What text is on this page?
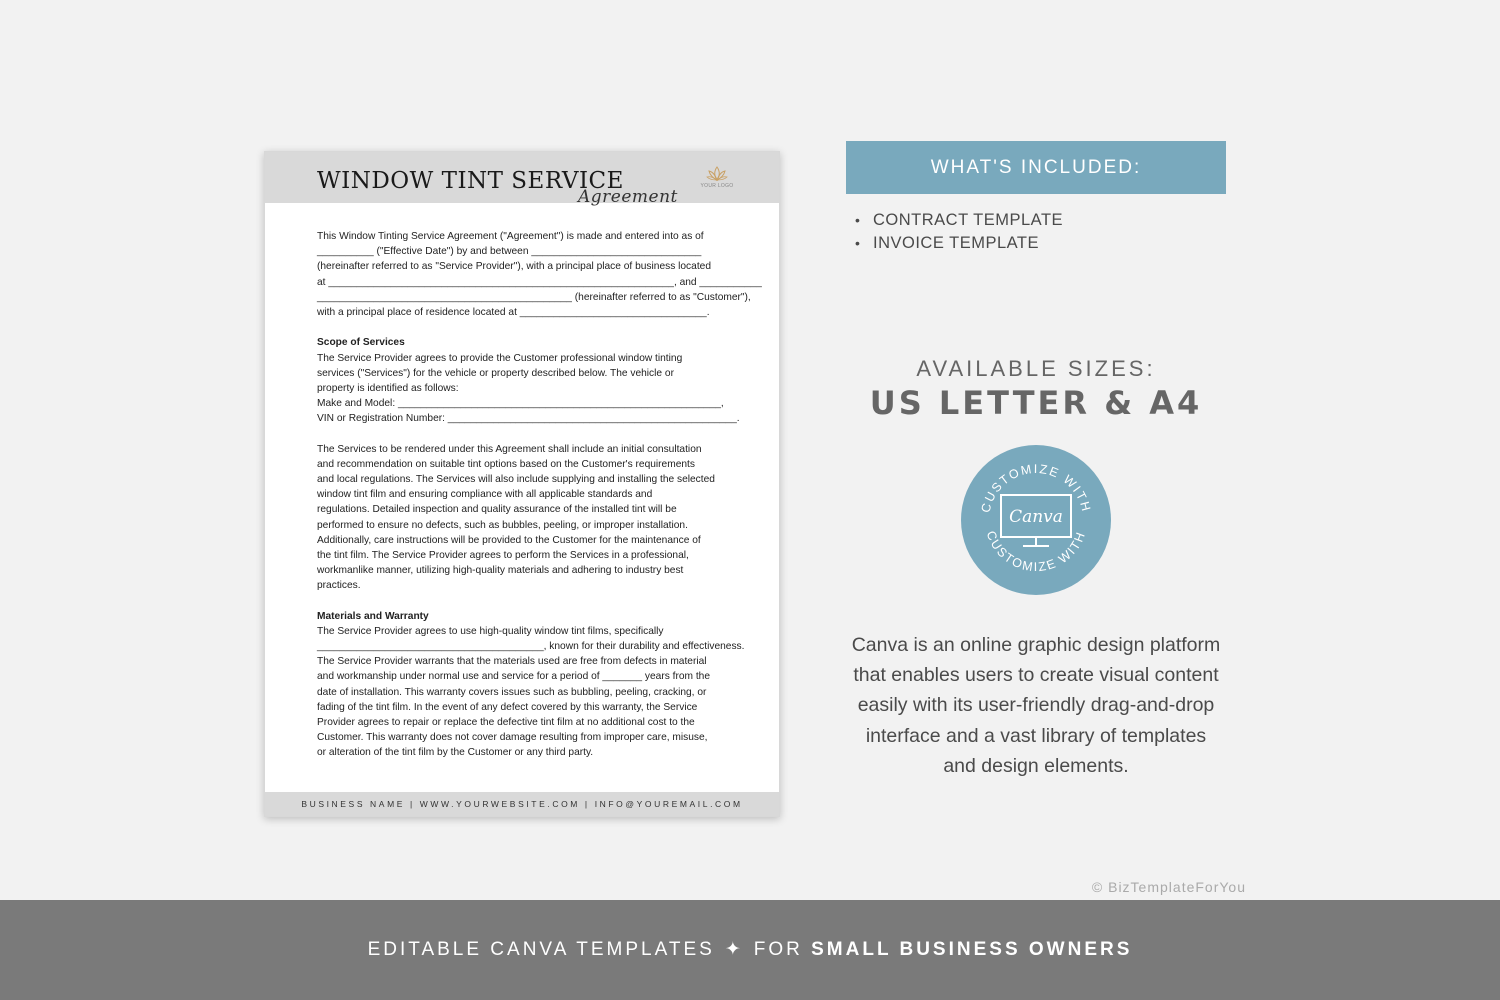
WINDOW TINT SERVICE
Agreement
YOUR LOGO
This Window Tinting Service Agreement ("Agreement") is made and entered into as of
__________ ("Effective Date") by and between ______________________________
(hereinafter referred to as "Service Provider"), with a principal place of business located
at _____________________________________________________________, and ___________
_____________________________________________ (hereinafter referred to as "Customer"),
with a principal place of residence located at _________________________________.
Scope of Services
The Service Provider agrees to provide the Customer professional window tinting
services ("Services") for the vehicle or property described below. The vehicle or
property is identified as follows:
Make and Model: _________________________________________________________,
VIN or Registration Number: ___________________________________________________.
The Services to be rendered under this Agreement shall include an initial consultation
and recommendation on suitable tint options based on the Customer's requirements
and local regulations. The Services will also include supplying and installing the selected
window tint film and ensuring compliance with all applicable standards and
regulations. Detailed inspection and quality assurance of the installed tint will be
performed to ensure no defects, such as bubbles, peeling, or improper installation.
Additionally, care instructions will be provided to the Customer for the maintenance of
the tint film. The Service Provider agrees to perform the Services in a professional,
workmanlike manner, utilizing high-quality materials and adhering to industry best
practices.
Materials and Warranty
The Service Provider agrees to use high-quality window tint films, specifically
________________________________________, known for their durability and effectiveness.
The Service Provider warrants that the materials used are free from defects in material
and workmanship under normal use and service for a period of _______ years from the
date of installation. This warranty covers issues such as bubbling, peeling, cracking, or
fading of the tint film. In the event of any defect covered by this warranty, the Service
Provider agrees to repair or replace the defective tint film at no additional cost to the
Customer. This warranty does not cover damage resulting from improper care, misuse,
or alteration of the tint film by the Customer or any third party.
BUSINESS NAME | WWW.YOURWEBSITE.COM | INFO@YOUREMAIL.COM
WHAT'S INCLUDED:
• CONTRACT TEMPLATE
• INVOICE TEMPLATE
AVAILABLE SIZES:
US LETTER & A4
CUSTOMIZE WITH
CUSTOMIZE WITH
Canva
Canva is an online graphic design platform
that enables users to create visual content
easily with its user-friendly drag-and-drop
interface and a vast library of templates
and design elements.
© BizTemplateForYou
EDITABLE CANVA TEMPLATES ✦ FOR SMALL BUSINESS OWNERS
